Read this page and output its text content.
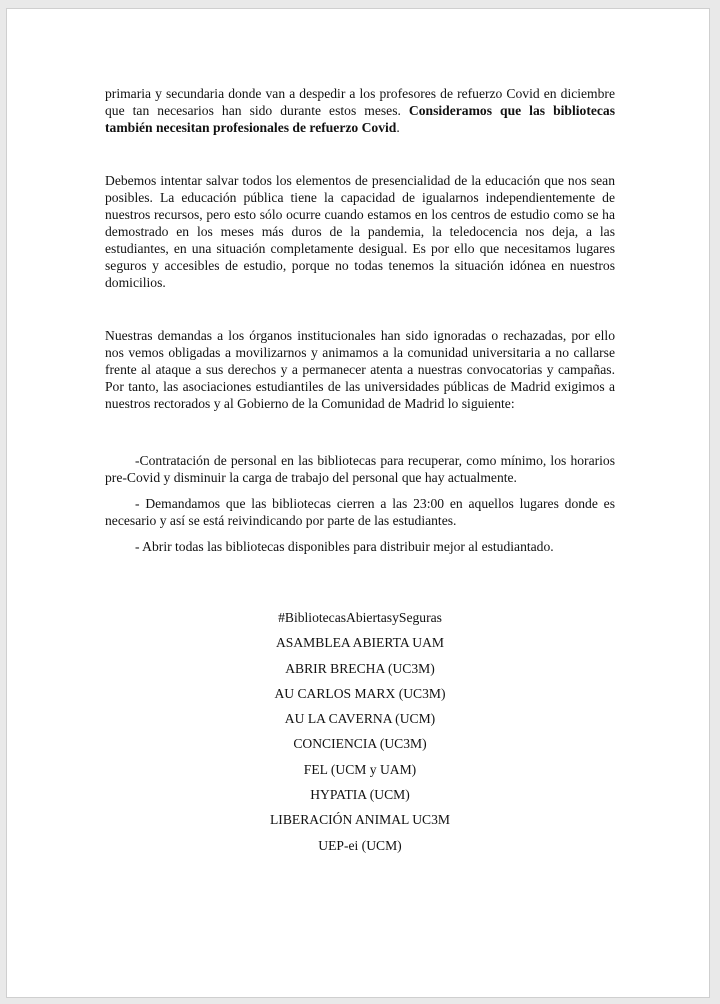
primaria y secundaria donde van a despedir a los profesores de refuerzo Covid en diciembre que tan necesarios han sido durante estos meses. Consideramos que las bibliotecas también necesitan profesionales de refuerzo Covid.

Debemos intentar salvar todos los elementos de presencialidad de la educación que nos sean posibles. La educación pública tiene la capacidad de igualarnos independientemente de nuestros recursos, pero esto sólo ocurre cuando estamos en los centros de estudio como se ha demostrado en los meses más duros de la pandemia, la teledocencia nos deja, a las estudiantes, en una situación completamente desigual. Es por ello que necesitamos lugares seguros y accesibles de estudio, porque no todas tenemos la situación idónea en nuestros domicilios.

Nuestras demandas a los órganos institucionales han sido ignoradas o rechazadas, por ello nos vemos obligadas a movilizarnos y animamos a la comunidad universitaria a no callarse frente al ataque a sus derechos y a permanecer atenta a nuestras convocatorias y campañas. Por tanto, las asociaciones estudiantiles de las universidades públicas de Madrid exigimos a nuestros rectorados y al Gobierno de la Comunidad de Madrid lo siguiente:

-Contratación de personal en las bibliotecas para recuperar, como mínimo, los horarios pre-Covid y disminuir la carga de trabajo del personal que hay actualmente.

- Demandamos que las bibliotecas cierren a las 23:00 en aquellos lugares donde es necesario y así se está reivindicando por parte de las estudiantes.

- Abrir todas las bibliotecas disponibles para distribuir mejor al estudiantado.

#BibliotecasAbiertasySeguras
ASAMBLEA ABIERTA UAM
ABRIR BRECHA (UC3M)
AU CARLOS MARX (UC3M)
AU LA CAVERNA (UCM)
CONCIENCIA (UC3M)
FEL (UCM y UAM)
HYPATIA (UCM)
LIBERACIÓN ANIMAL UC3M
UEP-ei (UCM)
